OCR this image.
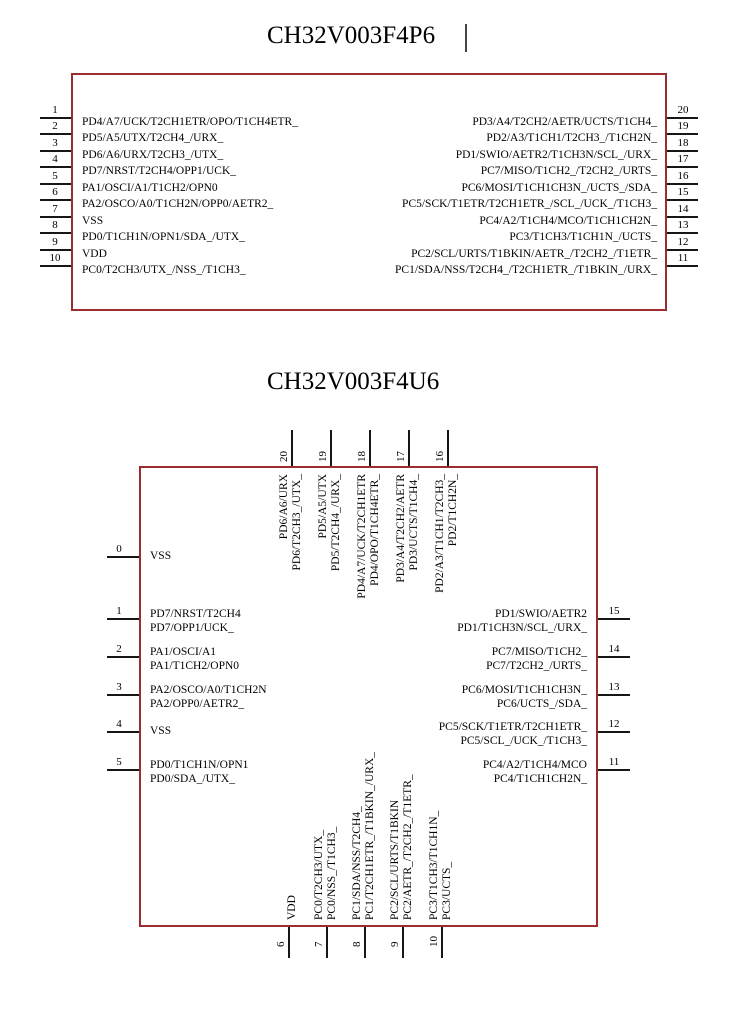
CH32V003F4P6
1
2
3
4
5
6
7
8
9
10
PD4/A7/UCK/T2CH1ETR/OPO/T1CH4ETR_
PD5/A5/UTX/T2CH4_/URX_
PD6/A6/URX/T2CH3_/UTX_
PD7/NRST/T2CH4/OPP1/UCK_
PA1/OSCI/A1/T1CH2/OPN0
PA2/OSCO/A0/T1CH2N/OPP0/AETR2_
VSS
PD0/T1CH1N/OPN1/SDA_/UTX_
VDD
PC0/T2CH3/UTX_/NSS_/T1CH3_
20
19
18
17
16
15
14
13
12
11
PD3/A4/T2CH2/AETR/UCTS/T1CH4_
PD2/A3/T1CH1/T2CH3_/T1CH2N_
PD1/SWIO/AETR2/T1CH3N/SCL_/URX_
PC7/MISO/T1CH2_/T2CH2_/URTS_
PC6/MOSI/T1CH1CH3N_/UCTS_/SDA_
PC5/SCK/T1ETR/T2CH1ETR_/SCL_/UCK_/T1CH3_
PC4/A2/T1CH4/MCO/T1CH1CH2N_
PC3/T1CH3/T1CH1N_/UCTS_
PC2/SCL/URTS/T1BKIN/AETR_/T2CH2_/T1ETR_
PC1/SDA/NSS/T2CH4_/T2CH1ETR_/T1BKIN_/URX_
CH32V003F4U6
0
1
2
3
4
5
VSS
PD7/NRST/T2CH4
PD7/OPP1/UCK_
PA1/OSCI/A1
PA1/T1CH2/OPN0
PA2/OSCO/A0/T1CH2N
PA2/OPP0/AETR2_
VSS
PD0/T1CH1N/OPN1
PD0/SDA_/UTX_
15
14
13
12
11
PD1/SWIO/AETR2
PD1/T1CH3N/SCL_/URX_
PC7/MISO/T1CH2_
PC7/T2CH2_/URTS_
PC6/MOSI/T1CH1CH3N_
PC6/UCTS_/SDA_
PC5/SCK/T1ETR/T2CH1ETR_
PC5/SCL_/UCK_/T1CH3_
PC4/A2/T1CH4/MCO
PC4/T1CH1CH2N_
20 19 18 17 16
PD6/A6/URX PD6/T2CH3_/UTX_ PD5/A5/UTX PD5/T2CH4_/URX_ PD4/A7/UCK/T2CH1ETR PD4/OPO/T1CH4ETR_ PD3/A4/T2CH2/AETR PD3/UCTS/T1CH4_ PD2/A3/T1CH1/T2CH3_ PD2/T1CH2N_
6 7 8 9 10
VDD PC0/T2CH3/UTX_ PC0/NSS_/T1CH3_ PC1/SDA/NSS/T2CH4_ PC1/T2CH1ETR_/T1BKIN_/URX_ PC2/SCL/URTS/T1BKIN PC2/AETR_/T2CH2_/T1ETR_ PC3/T1CH3/T1CH1N_ PC3/UCTS_
